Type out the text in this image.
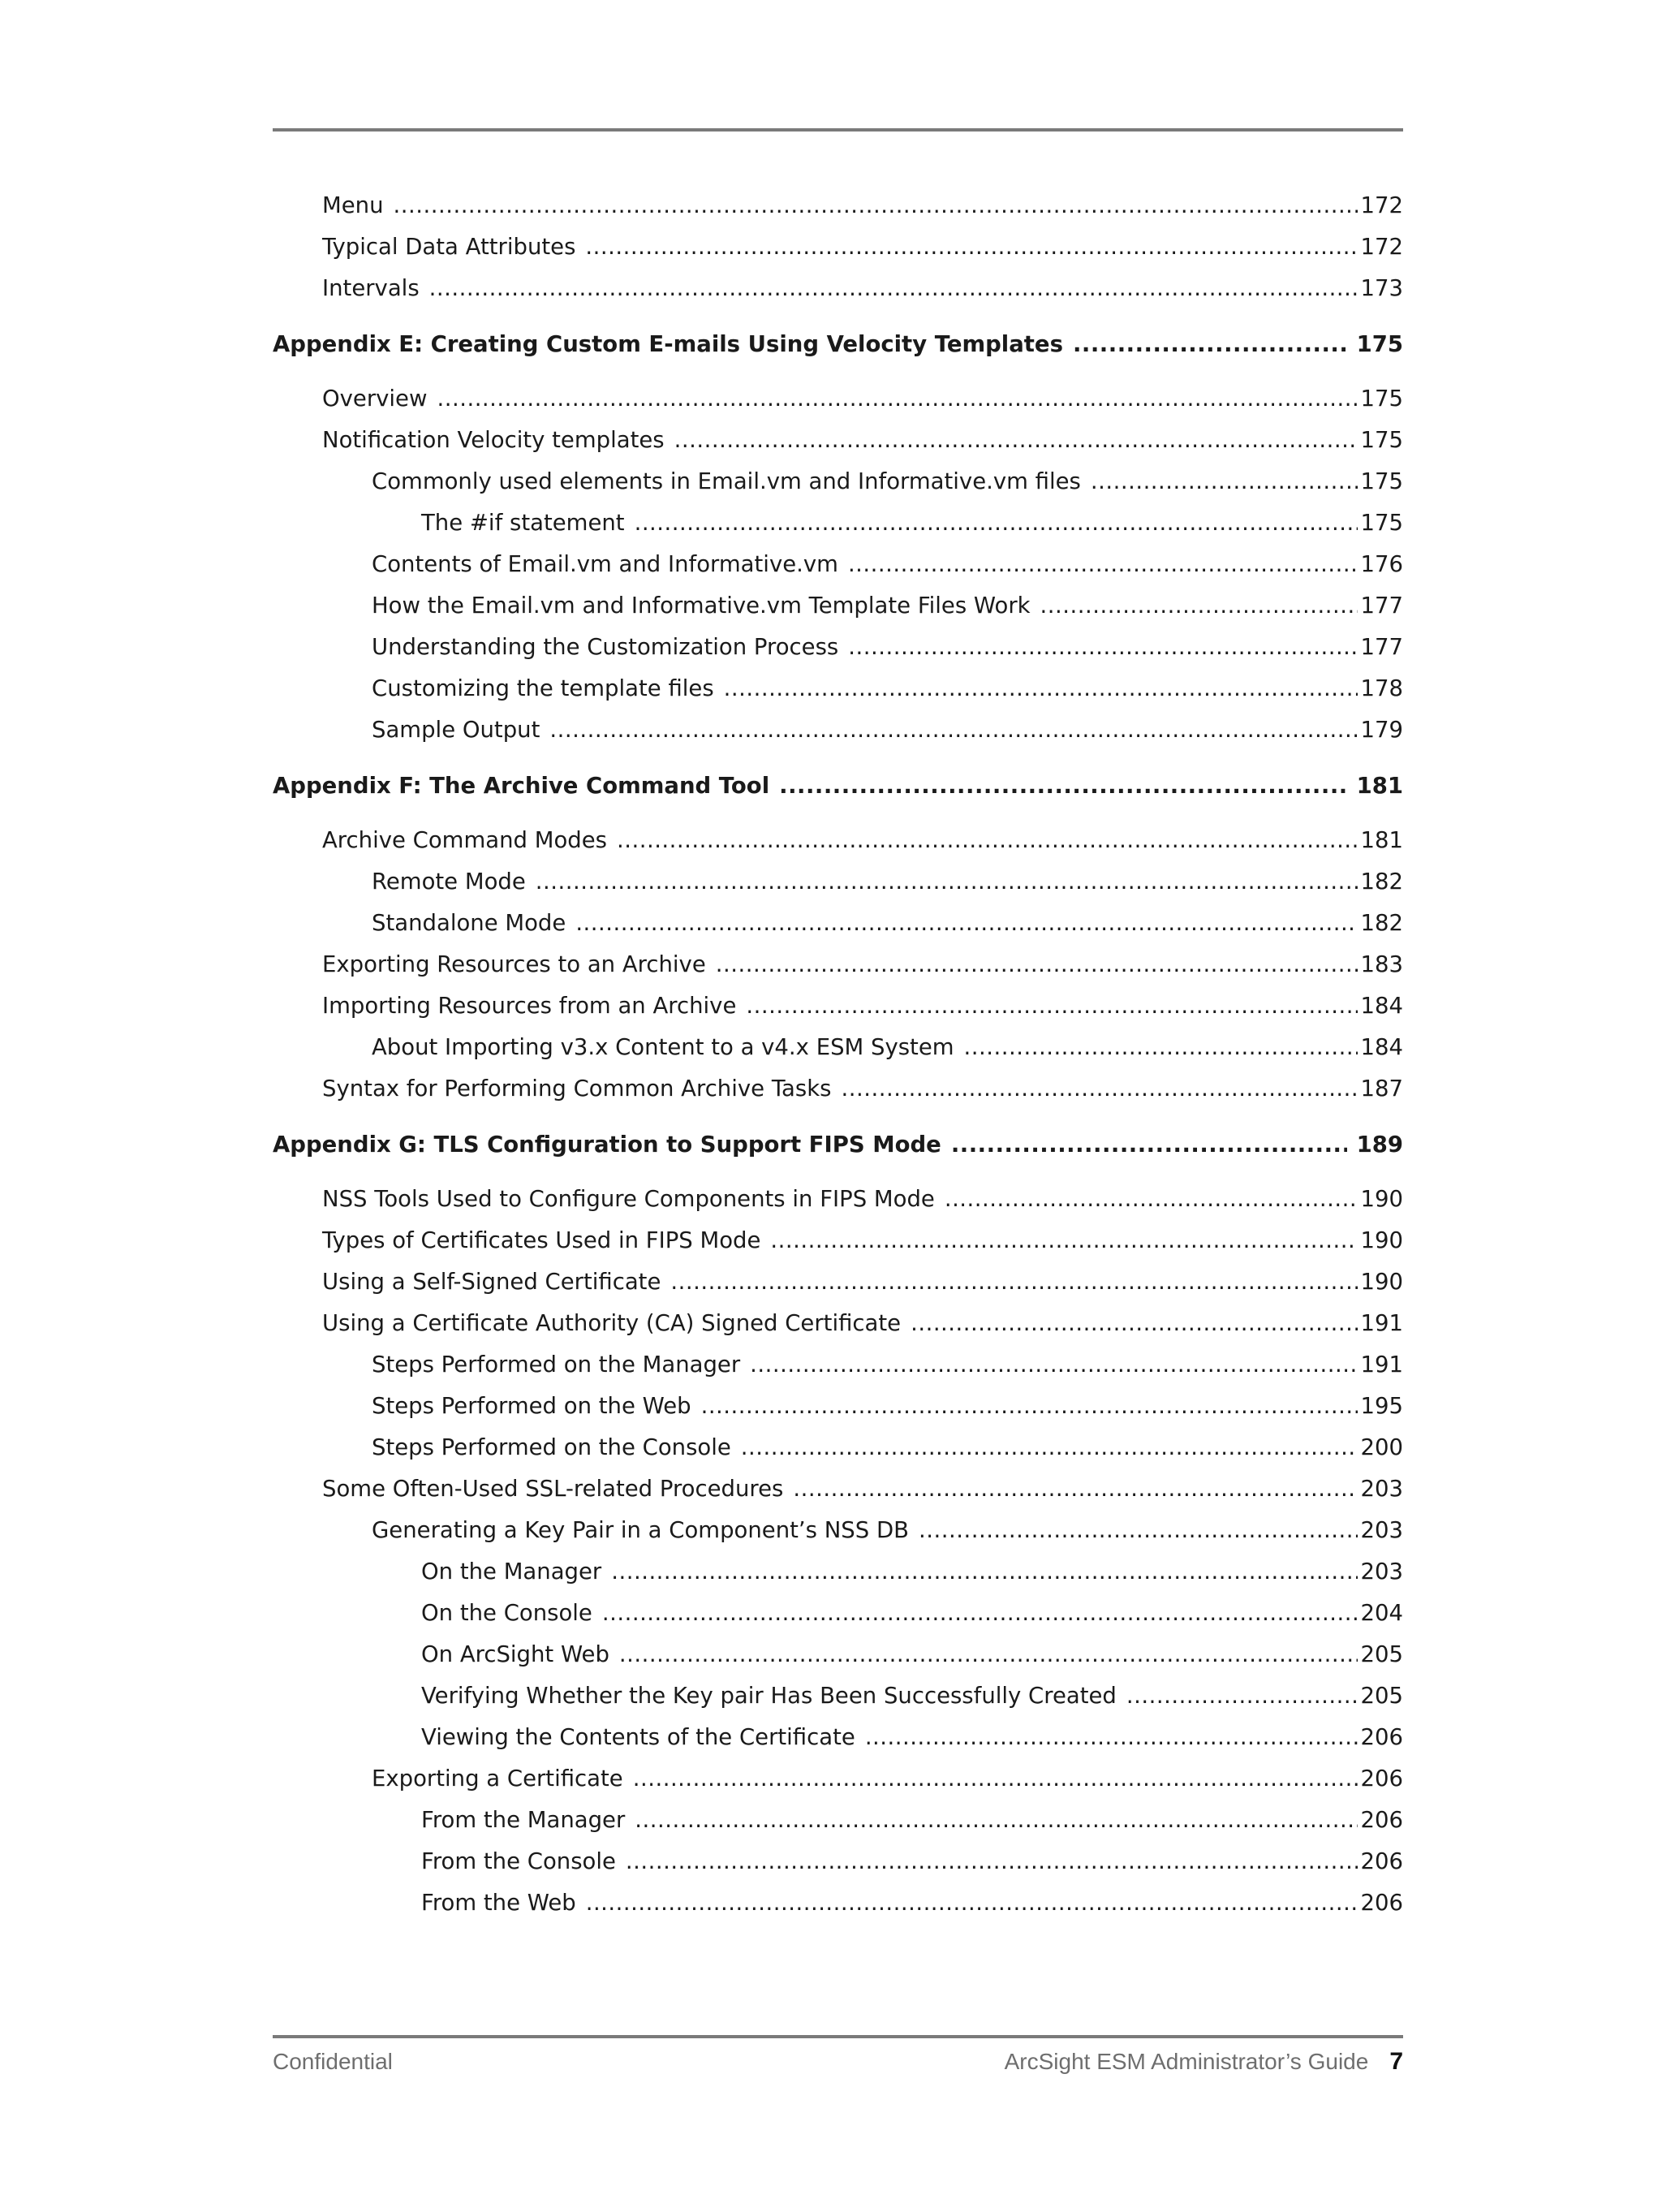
Menu .....	172
Typical Data Attributes .....	172
Intervals .....	173
Appendix E: Creating Custom E-mails Using Velocity Templates .....	175
Overview .....	175
Notification Velocity templates .....	175
Commonly used elements in Email.vm and Informative.vm files .....	175
The #if statement .....	175
Contents of Email.vm and Informative.vm .....	176
How the Email.vm and Informative.vm Template Files Work .....	177
Understanding the Customization Process .....	177
Customizing the template files .....	178
Sample Output .....	179
Appendix F: The Archive Command Tool .....	181
Archive Command Modes .....	181
Remote Mode .....	182
Standalone Mode .....	182
Exporting Resources to an Archive .....	183
Importing Resources from an Archive .....	184
About Importing v3.x Content to a v4.x ESM System .....	184
Syntax for Performing Common Archive Tasks .....	187
Appendix G: TLS Configuration to Support FIPS Mode .....	189
NSS Tools Used to Configure Components in FIPS Mode .....	190
Types of Certificates Used in FIPS Mode .....	190
Using a Self-Signed Certificate .....	190
Using a Certificate Authority (CA) Signed Certificate .....	191
Steps Performed on the Manager .....	191
Steps Performed on the Web .....	195
Steps Performed on the Console .....	200
Some Often-Used SSL-related Procedures .....	203
Generating a Key Pair in a Component’s NSS DB .....	203
On the Manager .....	203
On the Console .....	204
On ArcSight Web .....	205
Verifying Whether the Key pair Has Been Successfully Created .....	205
Viewing the Contents of the Certificate .....	206
Exporting a Certificate .....	206
From the Manager .....	206
From the Console .....	206
From the Web .....	206
Confidential	ArcSight ESM Administrator’s Guide 7
